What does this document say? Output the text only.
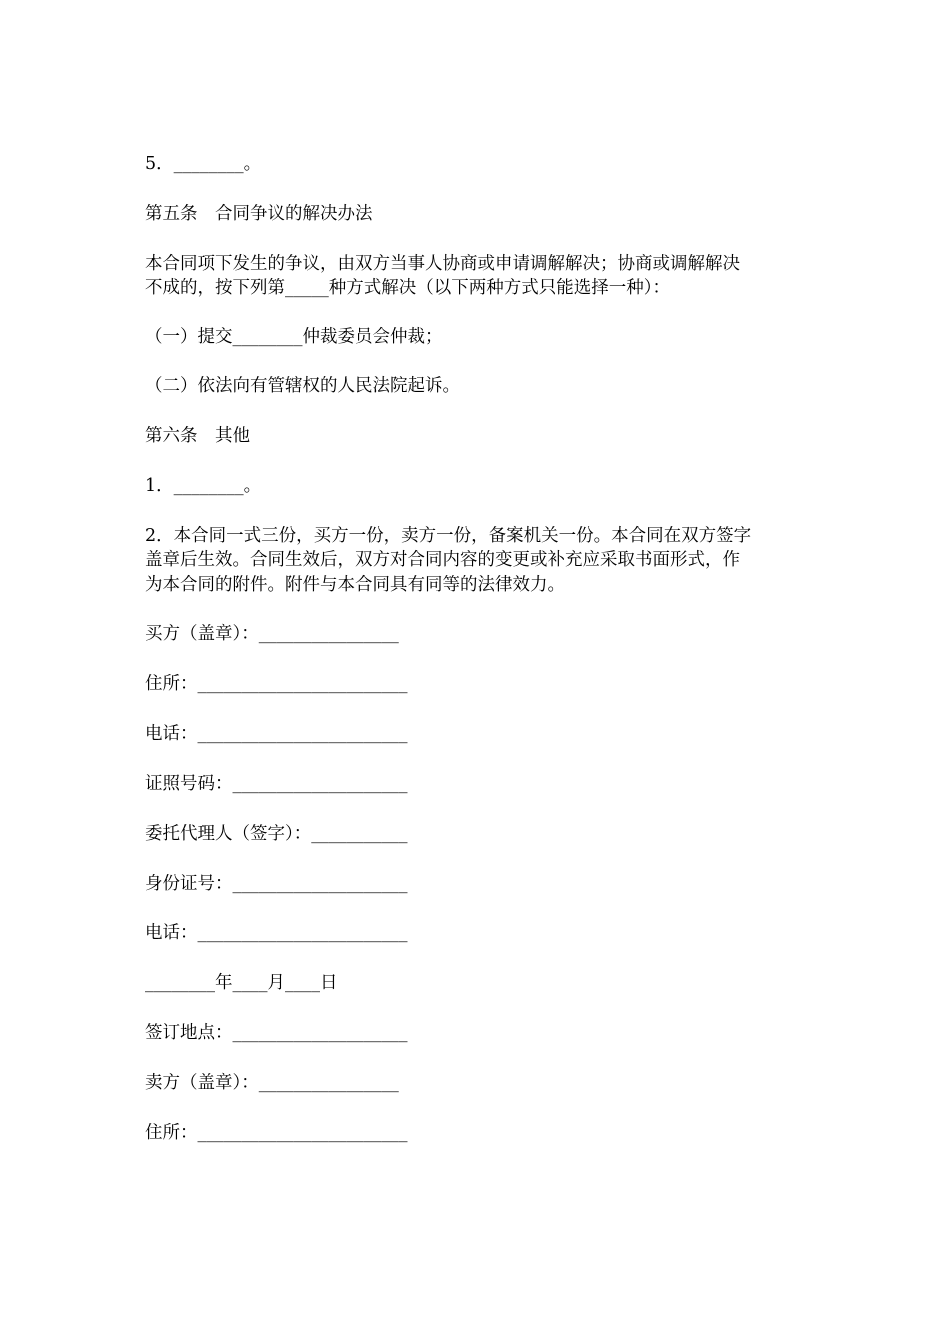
5．________。

第五条　合同争议的解决办法

本合同项下发生的争议，由双方当事人协商或申请调解解决；协商或调解解决

不成的，按下列第_____种方式解决（以下两种方式只能选择一种）：

（一）提交________仲裁委员会仲裁；

（二）依法向有管辖权的人民法院起诉。

第六条　其他

1．________。

2．本合同一式三份，买方一份，卖方一份，备案机关一份。本合同在双方签字

盖章后生效。合同生效后，双方对合同内容的变更或补充应采取书面形式，作

为本合同的附件。附件与本合同具有同等的法律效力。

买方（盖章）：________________

住所：________________________

电话：________________________

证照号码：____________________

委托代理人（签字）：___________

身份证号：____________________

电话：________________________

________年____月____日

签订地点：____________________

卖方（盖章）：________________

住所：________________________
